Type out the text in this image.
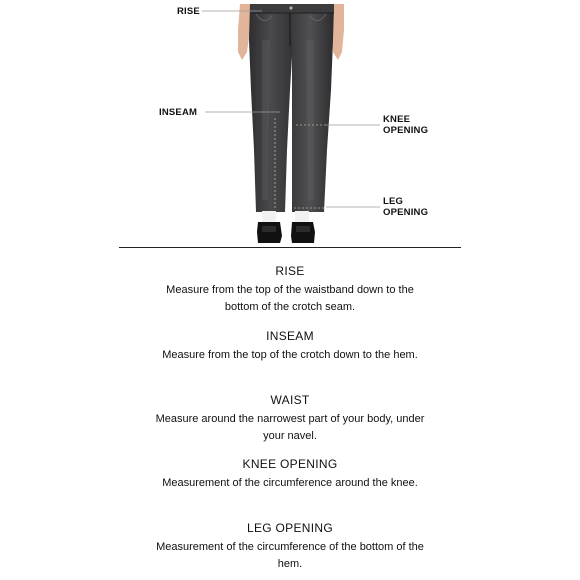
RISE
INSEAM
KNEE OPENING
LEG OPENING
RISE
Measure from the top of the waistband down to the bottom of the crotch seam.
INSEAM
Measure from the top of the crotch down to the hem.
WAIST
Measure around the narrowest part of your body, under your navel.
KNEE OPENING
Measurement of the circumference around the knee.
LEG OPENING
Measurement of the circumference of the bottom of the hem.
